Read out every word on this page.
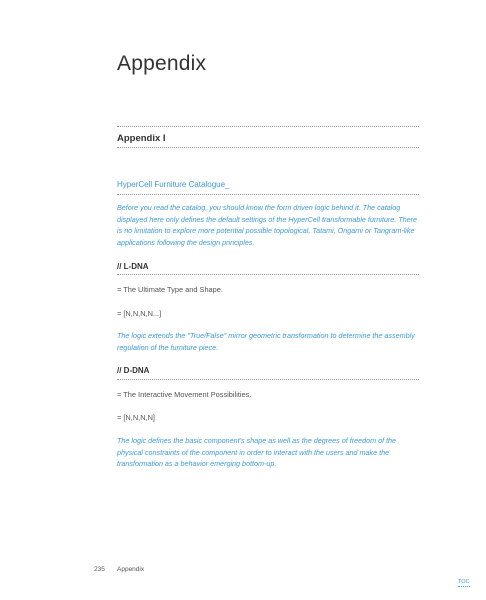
Appendix
Appendix I
HyperCell Furniture Catalogue_
Before you read the catalog, you should know the form driven logic behind it. The catalog displayed here only defines the default settings of the HyperCell transformable furniture. There is no limitation to explore more potential possible topological, Tatami, Origami or Tangram-like applications following the design principles.
// L-DNA
= The Ultimate Type and Shape.
= [N,N,N,N...]
The logic extends the "True/False" mirror geometric transformation to determine the assembly regulation of the furniture piece.
// D-DNA
= The Interactive Movement Possibilities.
= [N,N,N,N]
The logic defines the basic component's shape as well as the degrees of freedom of the physical constraints of the component in order to interact with the users and make the transformation as a behavior emerging bottom-up.
235 Appendix
TOC
